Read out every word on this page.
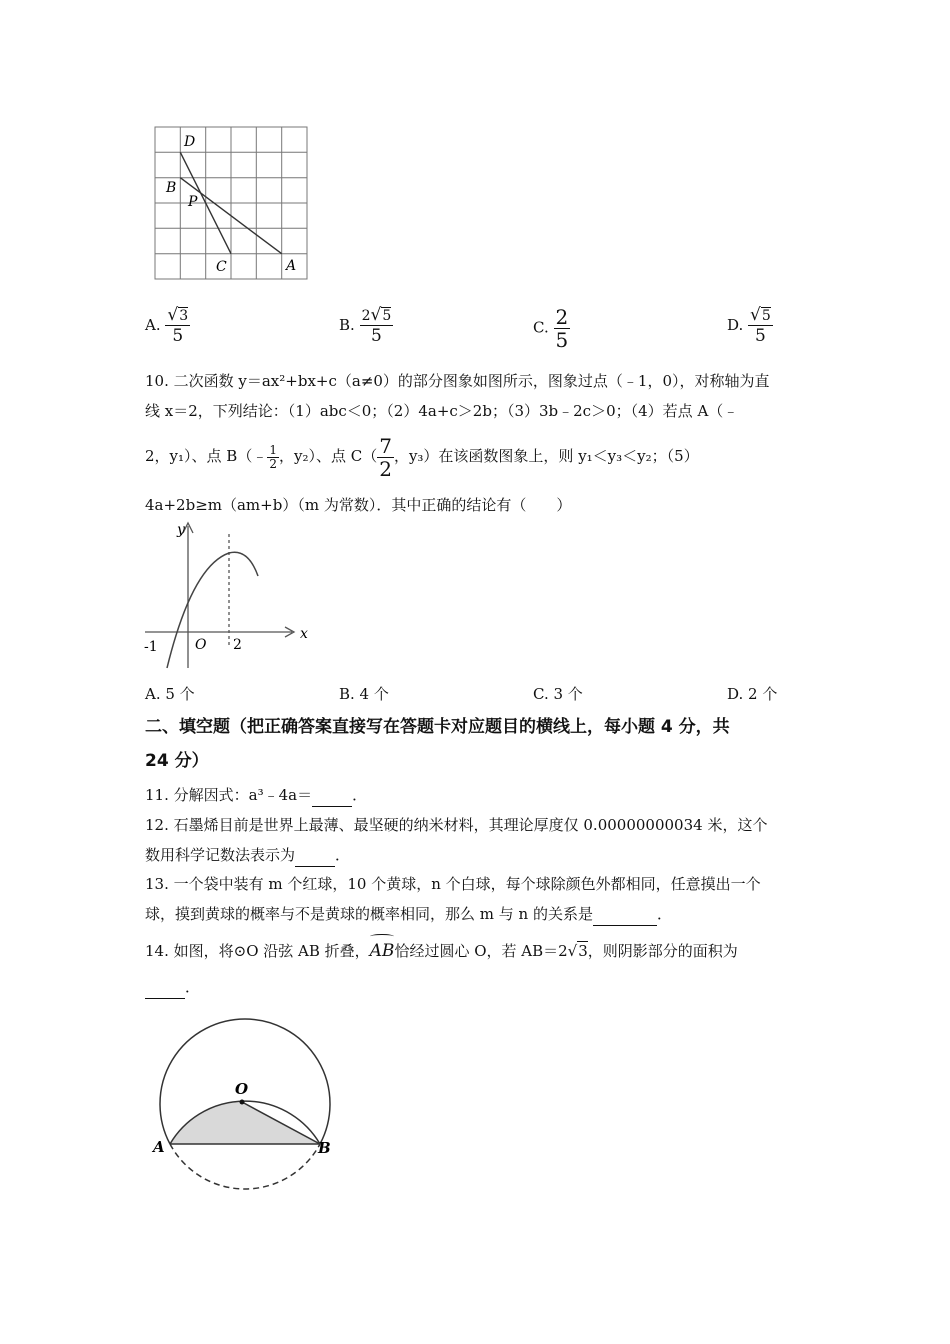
D
B
P
C	A
A. $\frac{√3}{5}$	B. $\frac{2√5}{5}$	C. $\frac{2}{5}$	D. $\frac{√5}{5}$
10. 二次函数 y＝ax²+bx+c（a≠0）的部分图象如图所示，图象过点（﹣1，0），对称轴为直
线 x＝2，下列结论：（1）abc＜0；（2）4a+c＞2b；（3）3b﹣2c＞0；（4）若点 A（﹣
2，y₁）、点 B（﹣ $\frac{1}{2}$ ，y₂）、点 $C( \frac{7}{2}$ ，y₃）在该函数图象上，则 y₁＜y₃＜y₂；（5）
4a+2b≥m（am+b）（m 为常数）．其中正确的结论有（　　）
y
x
O
-1	2
A. 5 个	B. 4 个	C. 3 个	D. 2 个
二、填空题（把正确答案直接写在答题卡对应题目的横线上，每小题 4 分，共
24 分）
11. 分解因式：a³﹣4a＝	．
12. 石墨烯目前是世界上最薄、最坚硬的纳米材料，其理论厚度仅 0.00000000034 米，这个
数用科学记数法表示为	．
13. 一个袋中装有 m 个红球，10 个黄球，n 个白球，每个球除颜色外都相同，任意摸出一个
球，摸到黄球的概率与不是黄球的概率相同，那么 m 与 n 的关系是	．
14. 如图，将⊙O 沿弦 AB 折叠，
AB恰经过圆心 O，若 AB＝2√3，则阴影部分的面积为
．
O
A	B
